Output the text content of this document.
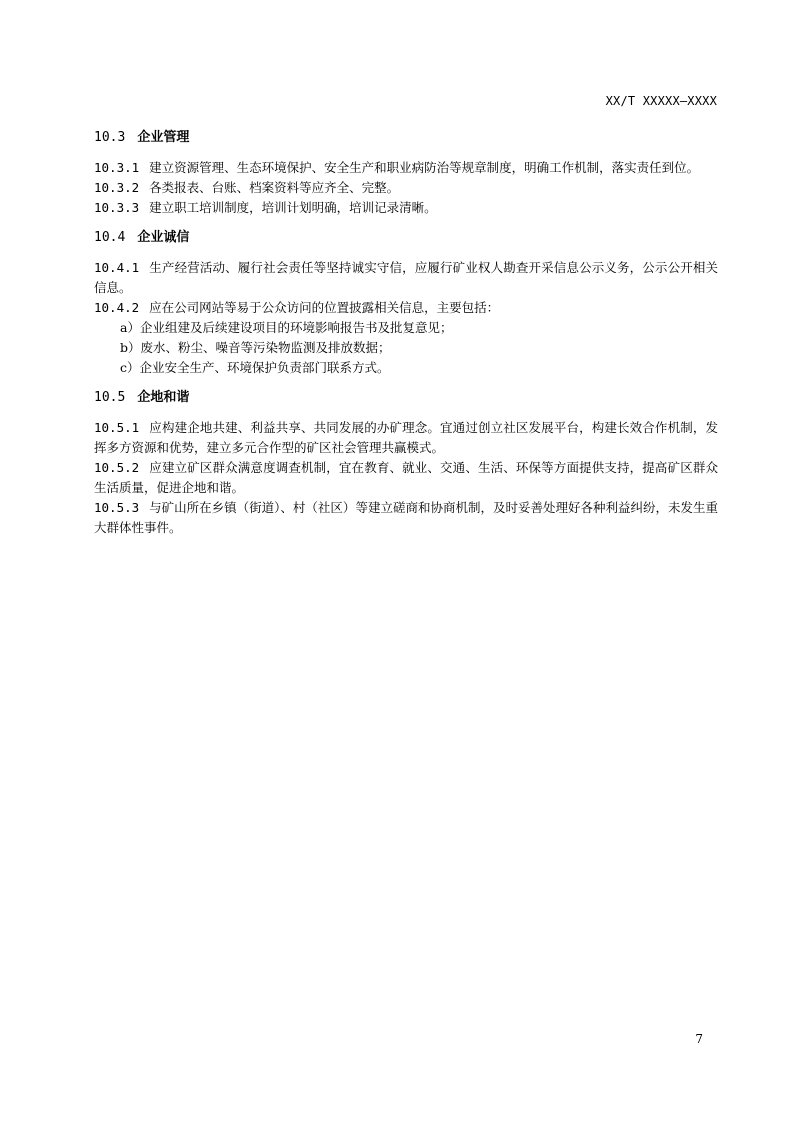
XX/T XXXXX—XXXX
10.3 企业管理

10.3.1 建立资源管理、生态环境保护、安全生产和职业病防治等规章制度，明确工作机制，落实责任到位。

10.3.2 各类报表、台账、档案资料等应齐全、完整。

10.3.3 建立职工培训制度，培训计划明确，培训记录清晰。

10.4 企业诚信

10.4.1 生产经营活动、履行社会责任等坚持诚实守信，应履行矿业权人勘查开采信息公示义务，公示公开相关信息。

10.4.2 应在公司网站等易于公众访问的位置披露相关信息，主要包括：

a）企业组建及后续建设项目的环境影响报告书及批复意见；

b）废水、粉尘、噪音等污染物监测及排放数据；

c）企业安全生产、环境保护负责部门联系方式。

10.5 企地和谐

10.5.1 应构建企地共建、利益共享、共同发展的办矿理念。宜通过创立社区发展平台，构建长效合作机制，发挥多方资源和优势，建立多元合作型的矿区社会管理共赢模式。

10.5.2 应建立矿区群众满意度调查机制，宜在教育、就业、交通、生活、环保等方面提供支持，提高矿区群众生活质量，促进企地和谐。

10.5.3 与矿山所在乡镇（街道）、村（社区）等建立磋商和协商机制，及时妥善处理好各种利益纠纷，未发生重大群体性事件。

7
